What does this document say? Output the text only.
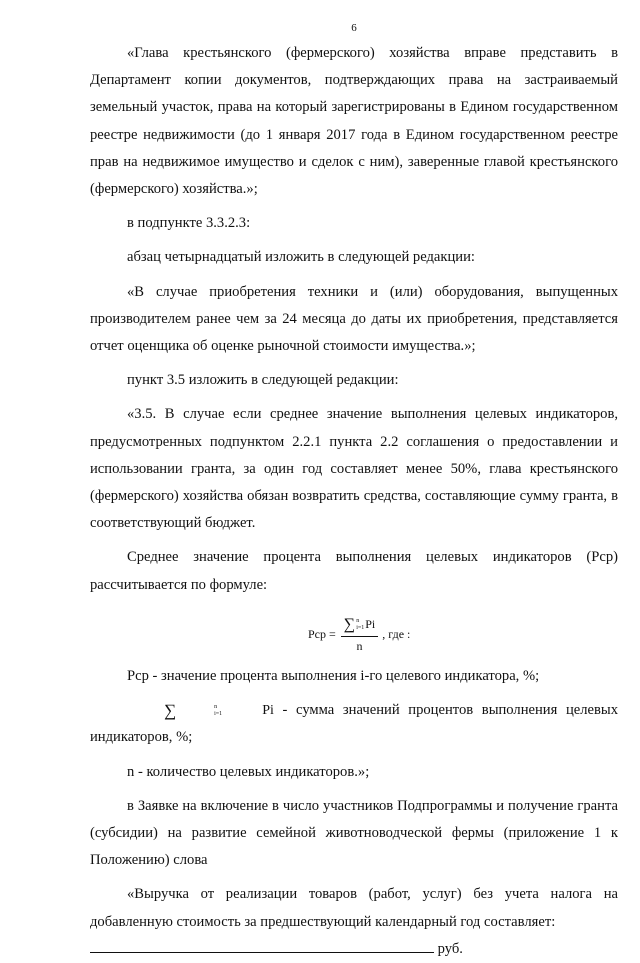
6

«Глава крестьянского (фермерского) хозяйства вправе представить в Департамент копии документов, подтверждающих права на застраиваемый земельный участок, права на который зарегистрированы в Едином государственном реестре недвижимости (до 1 января 2017 года в Едином государственном реестре прав на недвижимое имущество и сделок с ним), заверенные главой крестьянского (фермерского) хозяйства.»;

в подпункте 3.3.2.3:

абзац четырнадцатый изложить в следующей редакции:

«В случае приобретения техники и (или) оборудования, выпущенных производителем ранее чем за 24 месяца до даты их приобретения, представляется отчет оценщика об оценке рыночной стоимости имущества.»;

пункт 3.5 изложить в следующей редакции:

«3.5. В случае если среднее значение выполнения целевых индикаторов, предусмотренных подпунктом 2.2.1 пункта 2.2 соглашения о предоставлении и использовании гранта, за один год составляет менее 50%, глава крестьянского (фермерского) хозяйства обязан возвратить средства, составляющие сумму гранта, в соответствующий бюджет.

Среднее значение процента выполнения целевых индикаторов (Рср) рассчитывается по формуле:

Рср = ∑ n
i=1 Pi
n , где :

Рср - значение процента выполнения i-го целевого индикатора, %;

∑	n
i=1	Pi - сумма значений процентов выполнения целевых индикаторов, %;

n - количество целевых индикаторов.»;

в Заявке на включение в число участников Подпрограммы и получение гранта (субсидии) на развитие семейной животноводческой фермы (приложение 1 к Положению) слова

«Выручка от реализации товаров (работ, услуг) без учета налога на добавленную стоимость за предшествующий календарный год составляет:

руб.
